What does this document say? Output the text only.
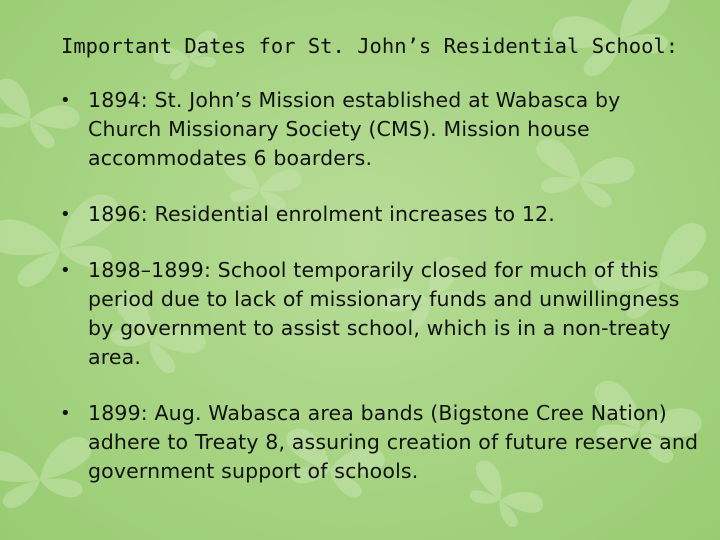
Important Dates for St. John’s Residential School:
• 1894: St. John’s Mission established at Wabasca by Church Missionary Society (CMS). Mission house accommodates 6 boarders.
• 1896: Residential enrolment increases to 12.
• 1898–1899: School temporarily closed for much of this period due to lack of missionary funds and unwillingness by government to assist school, which is in a non-treaty area.
• 1899: Aug. Wabasca area bands (Bigstone Cree Nation) adhere to Treaty 8, assuring creation of future reserve and government support of schools.
